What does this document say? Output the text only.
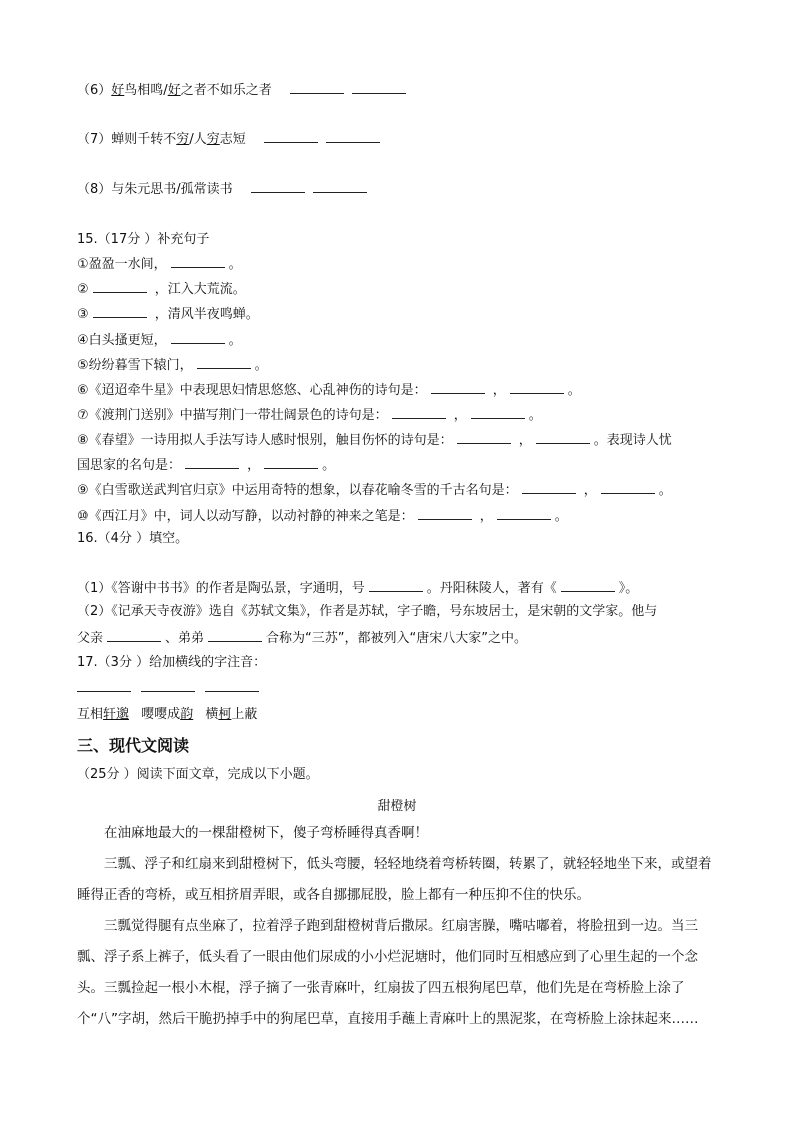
（6）好鸟相鸣/好之者不如乐之者
（7）蝉则千转不穷/人穷志短
（8）与朱元思书/孤常读书
15.（17分 ）补充句子
①盈盈一水间，	。
②	，江入大荒流。
③	，清风半夜鸣蝉。
④白头搔更短，	。
⑤纷纷暮雪下辕门，	。
⑥《迢迢牵牛星》中表现思妇情思悠悠、心乱神伤的诗句是：	，	。
⑦《渡荆门送别》中描写荆门一带壮阔景色的诗句是：	，	。
⑧《春望》一诗用拟人手法写诗人感时恨别，触目伤怀的诗句是：	，	。表现诗人忧
国思家的名句是：	，	。
⑨《白雪歌送武判官归京》中运用奇特的想象，以春花喻冬雪的千古名句是：	，	。
⑩《西江月》中，词人以动写静，以动衬静的神来之笔是：	，	。
16.（4分 ）填空。
（1）《答谢中书书》的作者是陶弘景，字通明，号	。丹阳秣陵人，著有《	》。
（2）《记承天寺夜游》选自《苏轼文集》，作者是苏轼，字子瞻，号东坡居士，是宋朝的文学家。他与
父亲	、弟弟	合称为“三苏”，都被列入“唐宋八大家”之中。
17.（3分 ）给加横线的字注音：
互相轩邈 嘤嘤成韵 横柯上蔽
三、现代文阅读
（25分 ）阅读下面文章，完成以下小题。
甜橙树
在油麻地最大的一棵甜橙树下，傻子弯桥睡得真香啊！
三瓢、浮子和红扇来到甜橙树下，低头弯腰，轻轻地绕着弯桥转圈，转累了，就轻轻地坐下来，或望着睡得正香的弯桥，或互相挤眉弄眼，或各自挪挪屁股，脸上都有一种压抑不住的快乐。
三瓢觉得腿有点坐麻了，拉着浮子跑到甜橙树背后撒尿。红扇害臊，嘴咕嘟着，将脸扭到一边。当三瓢、浮子系上裤子，低头看了一眼由他们尿成的小小烂泥塘时，他们同时互相感应到了心里生起的一个念头。三瓢捡起一根小木棍，浮子摘了一张青麻叶，红扇拔了四五根狗尾巴草，他们先是在弯桥脸上涂了个“八”字胡，然后干脆扔掉手中的狗尾巴草，直接用手蘸上青麻叶上的黑泥浆，在弯桥脸上涂抹起来……
